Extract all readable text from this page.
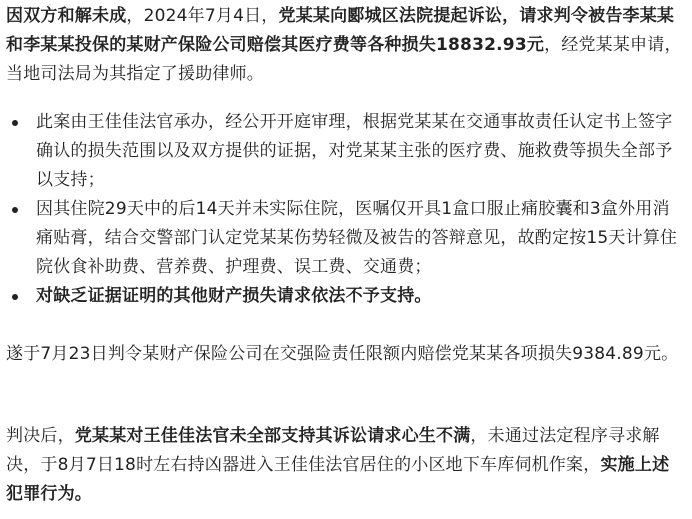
因双方和解未成，2024年7月4日，党某某向郾城区法院提起诉讼，请求判令被告李某某和李某某投保的某财产保险公司赔偿其医疗费等各种损失18832.93元，经党某某申请，当地司法局为其指定了援助律师。

此案由王佳佳法官承办，经公开开庭审理，根据党某某在交通事故责任认定书上签字确认的损失范围以及双方提供的证据，对党某某主张的医疗费、施救费等损失全部予以支持；
因其住院29天中的后14天并未实际住院，医嘱仅开具1盒口服止痛胶囊和3盒外用消痛贴膏，结合交警部门认定党某某伤势轻微及被告的答辩意见，故酌定按15天计算住院伙食补助费、营养费、护理费、误工费、交通费；
对缺乏证据证明的其他财产损失请求依法不予支持。

遂于7月23日判令某财产保险公司在交强险责任限额内赔偿党某某各项损失9384.89元。

判决后，党某某对王佳佳法官未全部支持其诉讼请求心生不满，未通过法定程序寻求解决，于8月7日18时左右持凶器进入王佳佳法官居住的小区地下车库伺机作案，实施上述犯罪行为。
